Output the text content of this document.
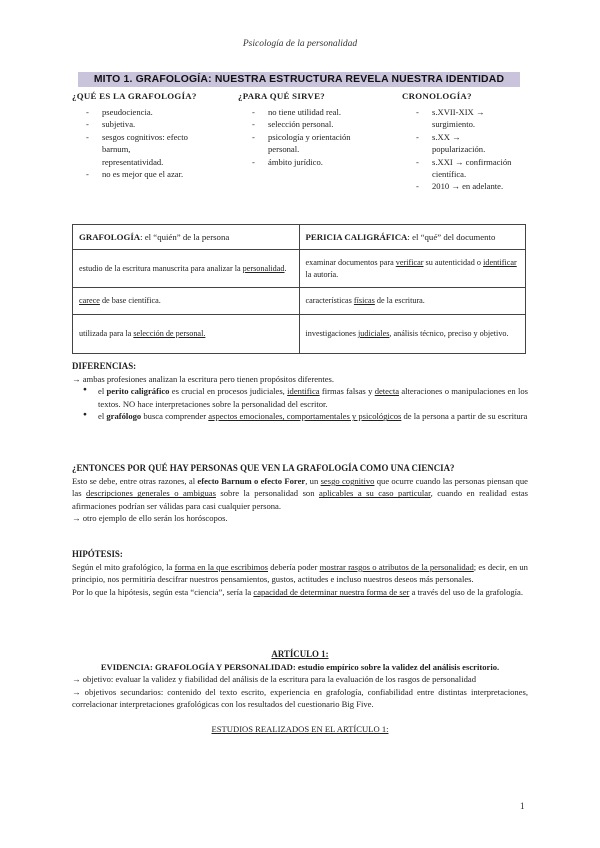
Psicología de la personalidad
MITO 1. GRAFOLOGÍA: NUESTRA ESTRUCTURA REVELA NUESTRA IDENTIDAD
¿QUÉ ES LA GRAFOLOGÍA?
- pseudociencia.
- subjetiva.
- sesgos cognitivos: efecto barnum, representatividad.
- no es mejor que el azar.
¿PARA QUÉ SIRVE?
- no tiene utilidad real.
- selección personal.
- psicología y orientación personal.
- ámbito jurídico.
CRONOLOGÍA?
- s.XVII-XIX → surgimiento.
- s.XX → popularización.
- s.XXI → confirmación científica.
- 2010 → en adelante.
GRAFOLOGÍA: el “quién” de la persona	PERICIA CALIGRÁFICA: el “qué” del documento
estudio de la escritura manuscrita para analizar la personalidad.	examinar documentos para verificar su autenticidad o identificar la autoría.
carece de base científica.	características físicas de la escritura.
utilizada para la selección de personal.	investigaciones judiciales, análisis técnico, preciso y objetivo.
DIFERENCIAS:

→ ambas profesiones analizan la escritura pero tienen propósitos diferentes.

● el perito caligráfico es crucial en procesos judiciales, identifica firmas falsas y detecta alteraciones o manipulaciones en los textos. NO hace interpretaciones sobre la personalidad del escritor.
● el grafólogo busca comprender aspectos emocionales, comportamentales y psicológicos de la persona a partir de su escritura
¿ENTONCES POR QUÉ HAY PERSONAS QUE VEN LA GRAFOLOGÍA COMO UNA CIENCIA?

Esto se debe, entre otras razones, al efecto Barnum o efecto Forer, un sesgo cognitivo que ocurre cuando las personas piensan que las descripciones generales o ambiguas sobre la personalidad son aplicables a su caso particular, cuando en realidad estas afirmaciones podrían ser válidas para casi cualquier persona.

→ otro ejemplo de ello serán los horóscopos.

HIPÓTESIS:

Según el mito grafológico, la forma en la que escribimos debería poder mostrar rasgos o atributos de la personalidad; es decir, en un principio, nos permitiría descifrar nuestros pensamientos, gustos, actitudes e incluso nuestros deseos más personales.

Por lo que la hipótesis, según esta “ciencia”, sería la capacidad de determinar nuestra forma de ser a través del uso de la grafología.

ARTÍCULO 1:

EVIDENCIA: GRAFOLOGÍA Y PERSONALIDAD: estudio empírico sobre la validez del análisis escritorio.

→ objetivo: evaluar la validez y fiabilidad del análisis de la escritura para la evaluación de los rasgos de personalidad

→ objetivos secundarios: contenido del texto escrito, experiencia en grafología, confiabilidad entre distintas interpretaciones, correlacionar interpretaciones grafológicas con los resultados del cuestionario Big Five.

ESTUDIOS REALIZADOS EN EL ARTÍCULO 1:

1
